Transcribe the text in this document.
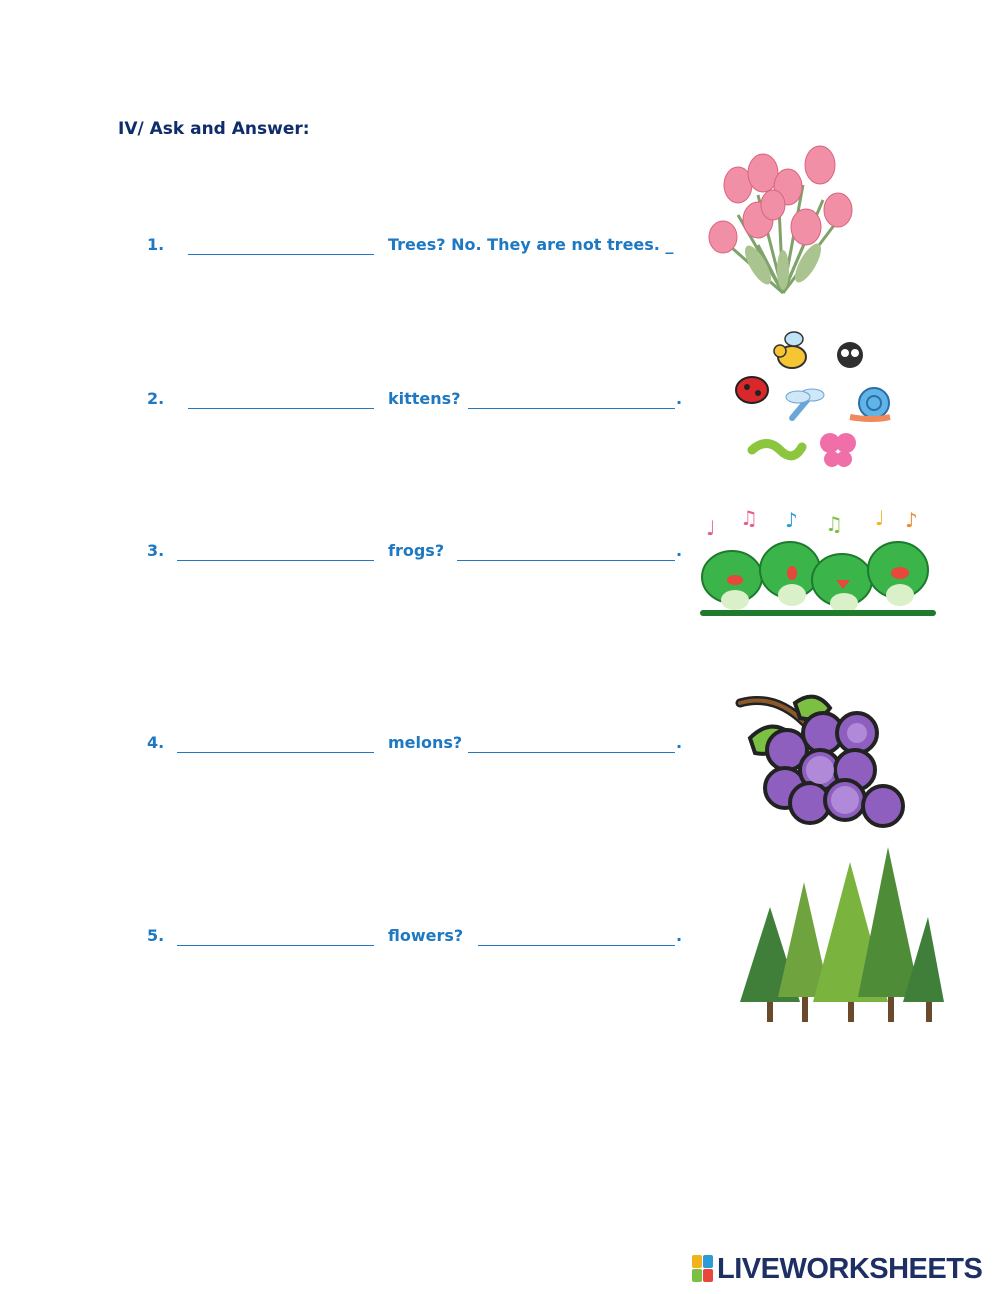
IV/ Ask and Answer:
1.	Trees? No. They are not trees. _
2.	kittens?	.
3.	frogs?	.
4.	melons?	.
5.	flowers?	.
♩ ♫ ♪ ♫ ♩ ♪
LIVEWORKSHEETS
